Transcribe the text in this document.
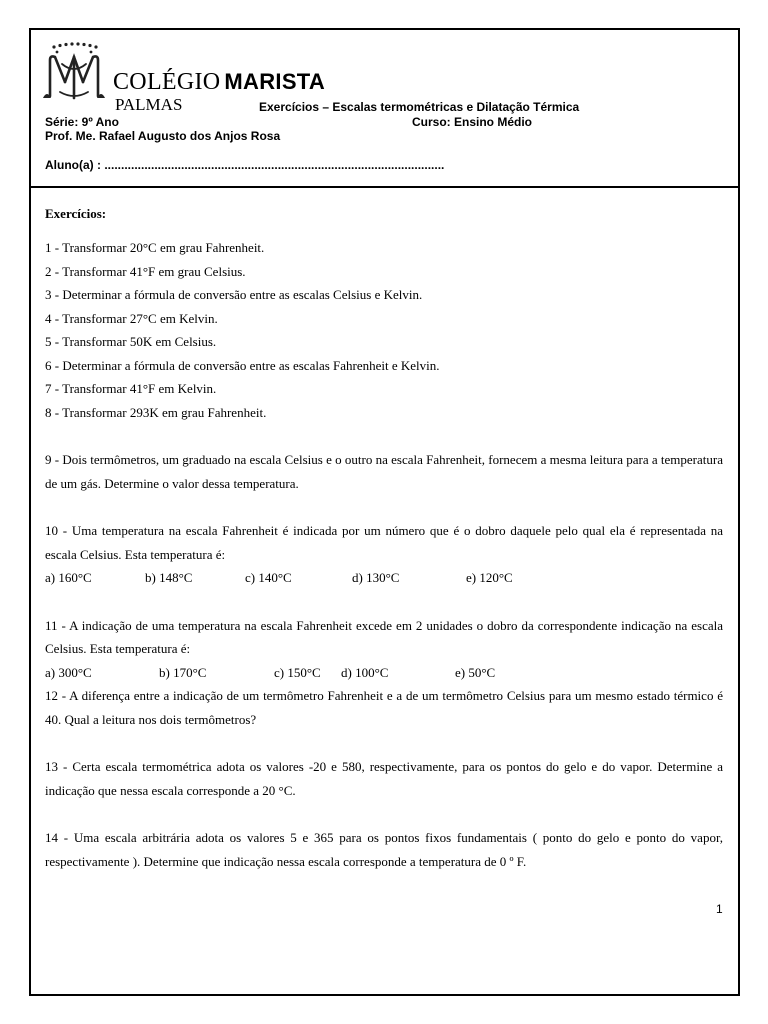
COLÉGIO MARISTA
PALMAS	Exercícios – Escalas termométricas e Dilatação Térmica
Série: 9º Ano	Curso: Ensino Médio
Prof. Me. Rafael Augusto dos Anjos Rosa
Aluno(a) : ......................................................................................................

Exercícios:

1 - Transformar 20°C em grau Fahrenheit.

2 - Transformar 41°F em grau Celsius.

3 - Determinar a fórmula de conversão entre as escalas Celsius e Kelvin.

4 - Transformar 27°C em Kelvin.

5 - Transformar 50K em Celsius.

6 - Determinar a fórmula de conversão entre as escalas Fahrenheit e Kelvin.

7 - Transformar 41°F em Kelvin.

8 - Transformar 293K em grau Fahrenheit.

9 - Dois termômetros, um graduado na escala Celsius e o outro na escala Fahrenheit, fornecem a mesma leitura para a temperatura de um gás. Determine o valor dessa temperatura.

10 - Uma temperatura na escala Fahrenheit é indicada por um número que é o dobro daquele pelo qual ela é representada na escala Celsius. Esta temperatura é:

a) 160°C	b) 148°C	c) 140°C	d) 130°C	e) 120°C

11 - A indicação de uma temperatura na escala Fahrenheit excede em 2 unidades o dobro da correspondente indicação na escala Celsius. Esta temperatura é:

a) 300°C	b) 170°C	c) 150°C	d) 100°C	e) 50°C

12 - A diferença entre a indicação de um termômetro Fahrenheit e a de um termômetro Celsius para um mesmo estado térmico é 40. Qual a leitura nos dois termômetros?

13 - Certa escala termométrica adota os valores -20 e 580, respectivamente, para os pontos do gelo e do vapor. Determine a indicação que nessa escala corresponde a 20 °C.

14 - Uma escala arbitrária adota os valores 5 e 365 para os pontos fixos fundamentais ( ponto do gelo e ponto do vapor, respectivamente ). Determine que indicação nessa escala corresponde a temperatura de 0 º F.

1
